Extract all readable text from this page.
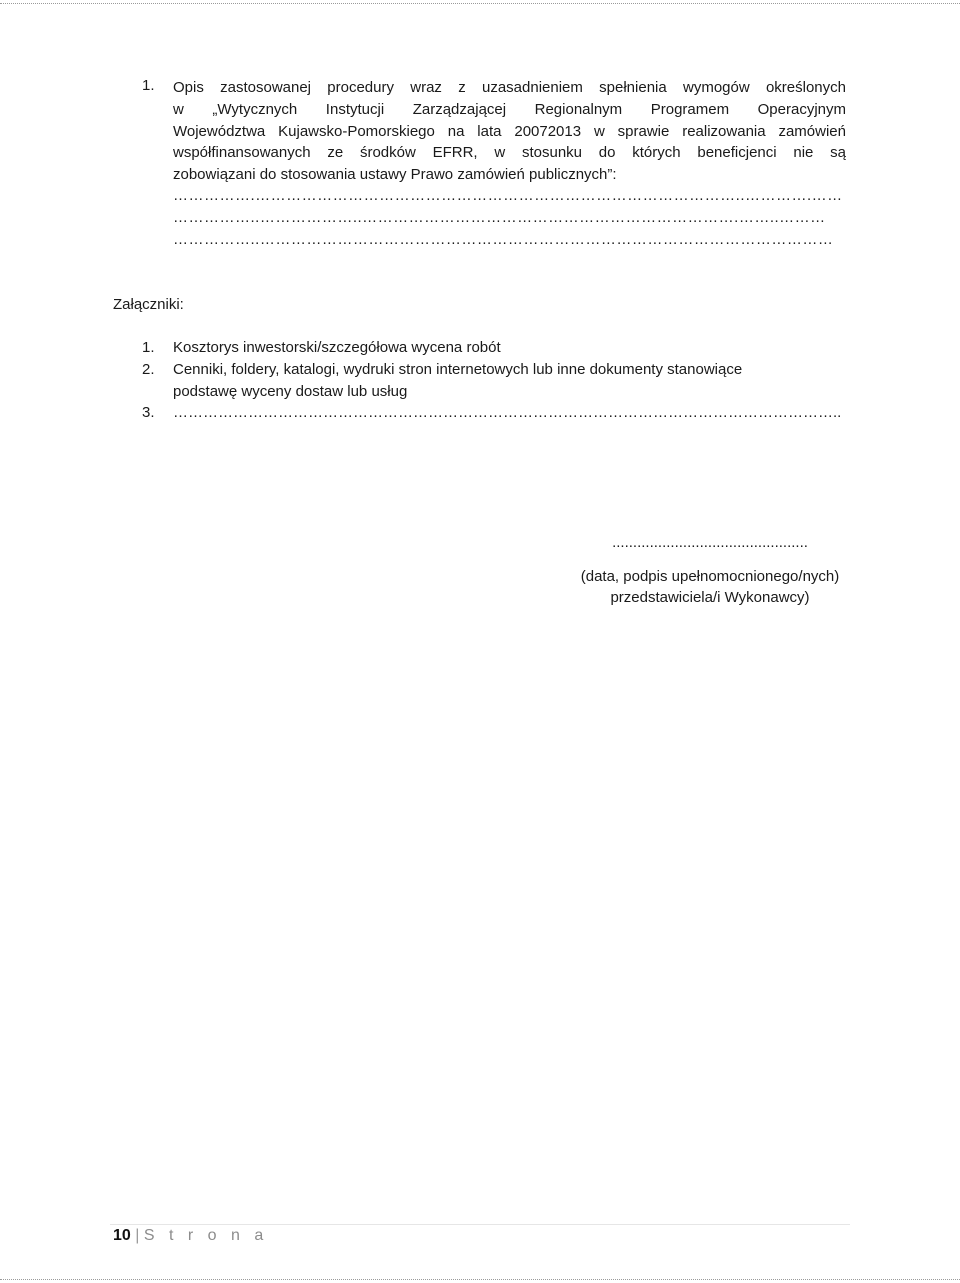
1. Opis zastosowanej procedury wraz z uzasadnieniem spełnienia wymogów określonych
w „Wytycznych Instytucji Zarządzającej Regionalnym Programem Operacyjnym
Województwa Kujawsko-Pomorskiego na lata 20072013 w sprawie realizowania zamówień
współfinansowanych ze środków EFRR, w stosunku do których beneficjenci nie są
zobowiązani do stosowania ustawy Prawo zamówień publicznych”:
…………….…………………………………………………………………………………..………….……
……………..………………..……………………………………………………………….……..………
……………..…………………………………………………………………………………………………
Załączniki:
1. Kosztorys inwestorski/szczegółowa wycena robót
2. Cenniki, foldery, katalogi, wydruki stron internetowych lub inne dokumenty stanowiące
podstawę wyceny dostaw lub usług
3. ……………………………………………………………………………………………………………………..
...............................................
(data, podpis upełnomocnionego/nych)
przedstawiciela/i Wykonawcy)
10 | S t r o n a
